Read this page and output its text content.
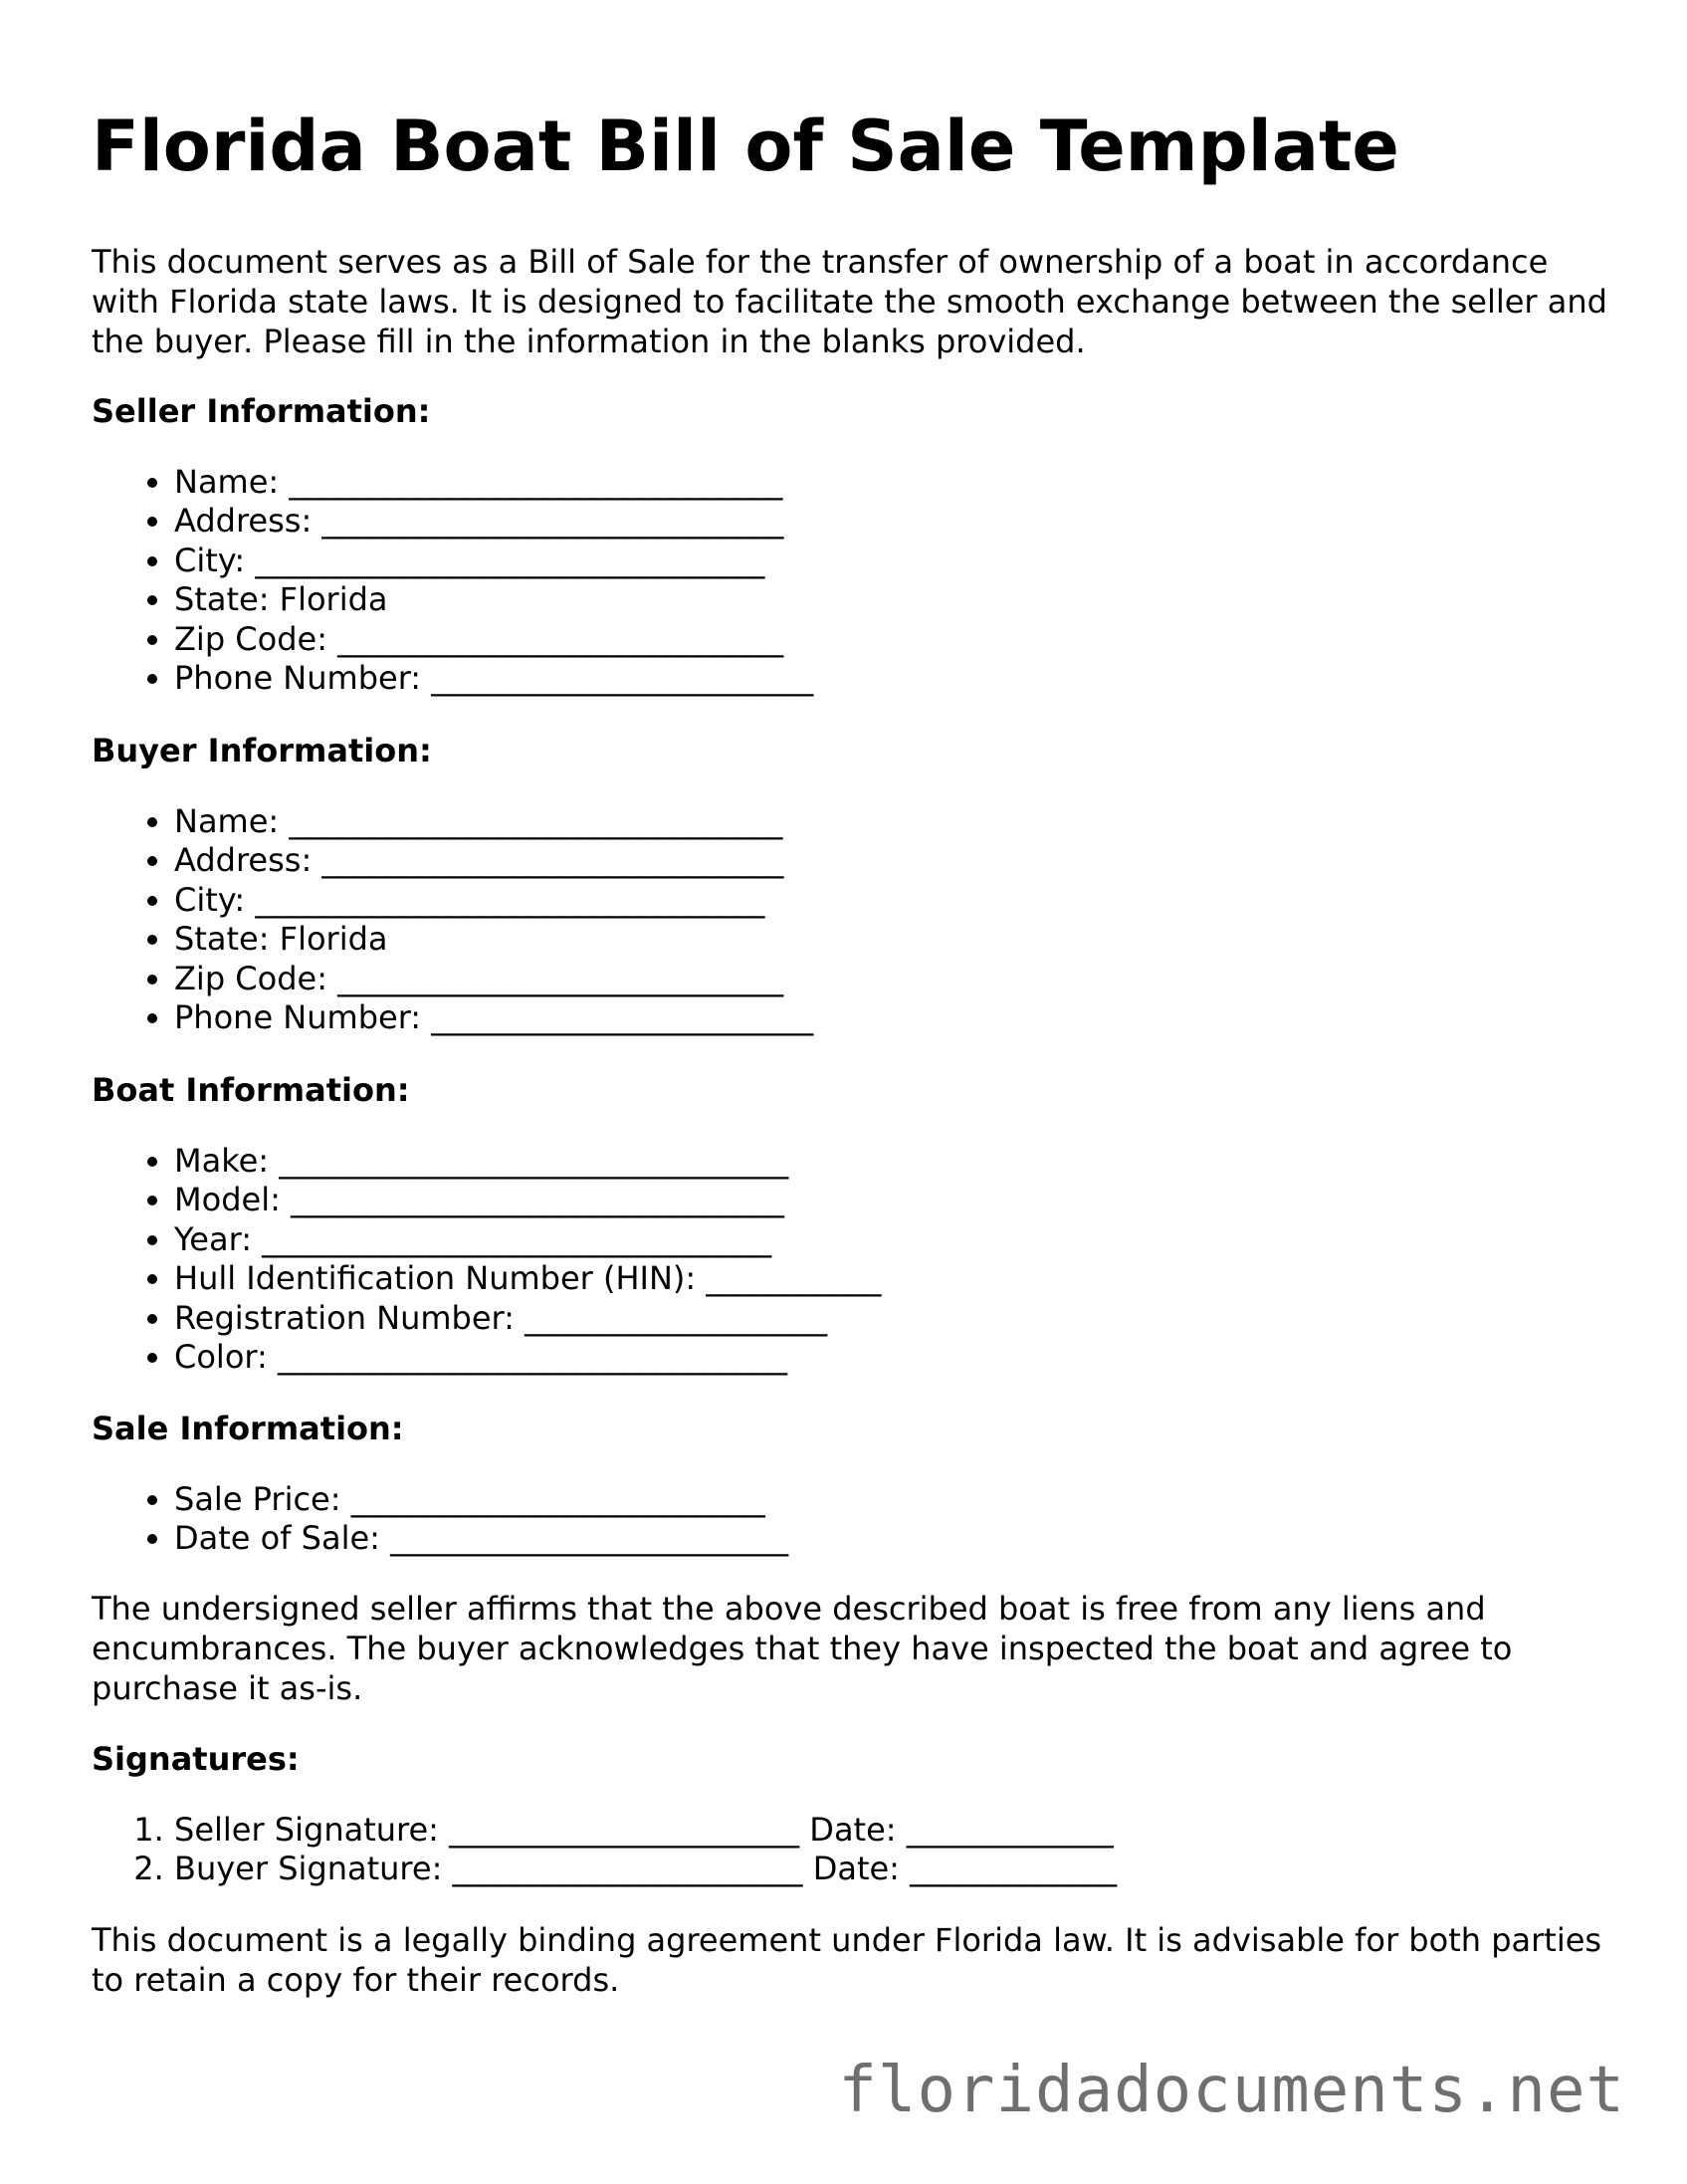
Florida Boat Bill of Sale Template

This document serves as a Bill of Sale for the transfer of ownership of a boat in accordance with Florida state laws. It is designed to facilitate the smooth exchange between the seller and the buyer. Please fill in the information in the blanks provided.

Seller Information:
• Name: _______________________________
• Address: _____________________________
• City: ________________________________
• State: Florida
• Zip Code: ____________________________
• Phone Number: ________________________
Buyer Information:
• Name: _______________________________
• Address: _____________________________
• City: ________________________________
• State: Florida
• Zip Code: ____________________________
• Phone Number: ________________________
Boat Information:
• Make: ________________________________
• Model: _______________________________
• Year: ________________________________
• Hull Identification Number (HIN): ___________
• Registration Number: ___________________
• Color: ________________________________
Sale Information:
• Sale Price: __________________________
• Date of Sale: _________________________

The undersigned seller affirms that the above described boat is free from any liens and encumbrances. The buyer acknowledges that they have inspected the boat and agree to purchase it as-is.

Signatures:
1. Seller Signature: ______________________ Date: _____________
2. Buyer Signature: ______________________ Date: _____________

This document is a legally binding agreement under Florida law. It is advisable for both parties to retain a copy for their records.

floridadocuments.net
